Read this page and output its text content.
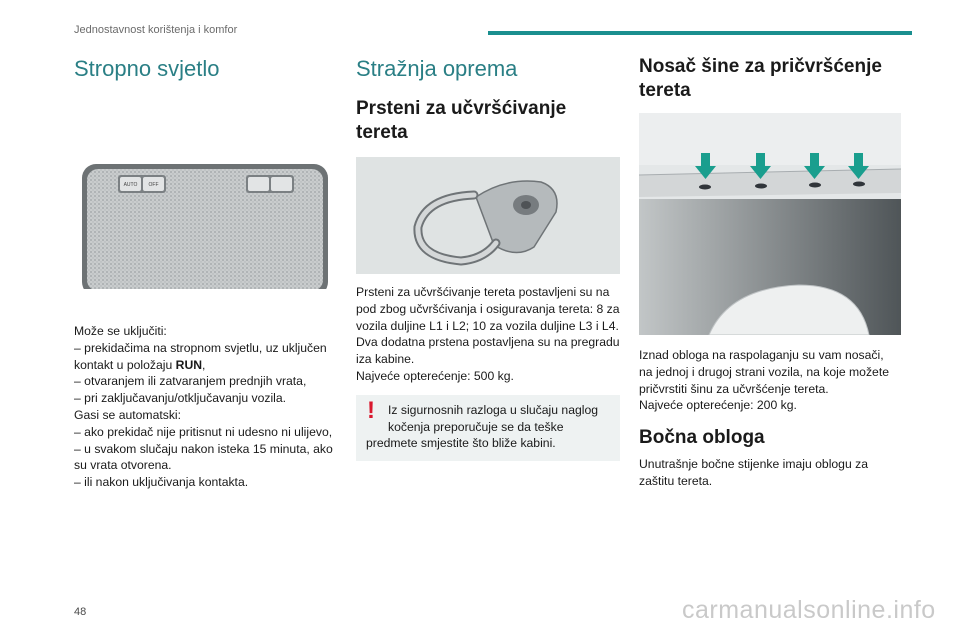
Jednostavnost korištenja i komfor
Stropno svjetlo
AUTO OFF

Može se uključiti:

– prekidačima na stropnom svjetlu, uz uključen

kontakt u položaju RUN,

– otvaranjem ili zatvaranjem prednjih vrata,

– pri zaključavanju/otključavanju vozila.

Gasi se automatski:

– ako prekidač nije pritisnut ni udesno ni ulijevo,

– u svakom slučaju nakon isteka 15 minuta, ako

su vrata otvorena.

– ili nakon uključivanja kontakta.

Stražnja oprema
Prsteni za učvršćivanje
tereta

Prsteni za učvršćivanje tereta postavljeni su na

pod zbog učvršćivanja i osiguravanja tereta: 8 za

vozila duljine L1 i L2; 10 za vozila duljine L3 i L4.

Dva dodatna prstena postavljena su na pregradu

iza kabine.

Najveće opterećenje: 500 kg.

!	Iz sigurnosnih razloga u slučaju naglog

kočenja preporučuje se da teške

predmete smjestite što bliže kabini.

Nosač šine za pričvršćenje
tereta

Iznad obloga na raspolaganju su vam nosači,

na jednoj i drugoj strani vozila, na koje možete

pričvrstiti šinu za učvršćenje tereta.

Najveće opterećenje: 200 kg.

Bočna obloga

Unutrašnje bočne stijenke imaju oblogu za

zaštitu tereta.

48	carmanualsonline.info
